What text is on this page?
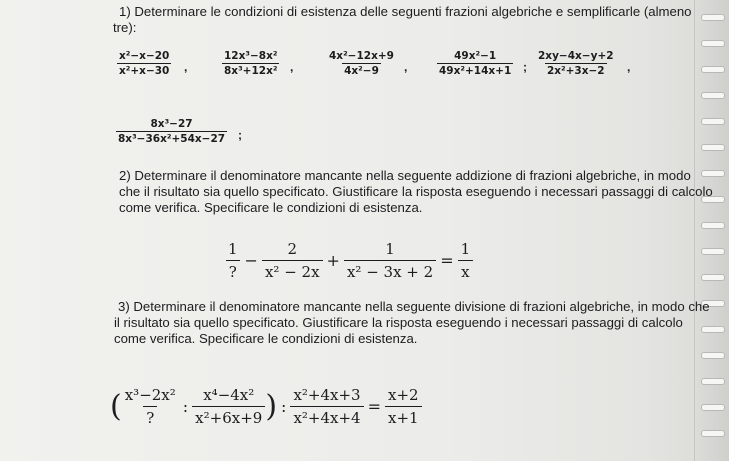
1) Determinare le condizioni di esistenza delle seguenti frazioni algebriche e semplificarle (almeno

tre):

$\frac{\text{x²−x−20}}{\text{x²+x−30}}$ ,	$\frac{\text{12x³−8x²}}{\text{8x³+12x²}}$ ,	$\frac{\text{4x²−12x+9}}{\text{4x²−9}}$ ,	$\frac{\text{49x²−1}}{\text{49x²+14x+1}}$ ; $\frac{2xy-4x-y+2}{\text{2x²+3x−2}}$ ,
$\frac{\text{8x³−27}}{\text{8x³−36x²+54x−27}}$ ;

2) Determinare il denominatore mancante nella seguente addizione di frazioni algebriche, in modo

che il risultato sia quello specificato. Giustificare la risposta eseguendo i necessari passaggi di calcolo

come verifica. Specificare le condizioni di esistenza.

$\frac{1}{?} - \frac{2}{\text{x² − 2x}} + \frac{1}{\text{x² − 3x + 2}} = \frac{1}{x}$

3) Determinare il denominatore mancante nella seguente divisione di frazioni algebriche, in modo che

il risultato sia quello specificato. Giustificare la risposta eseguendo i necessari passaggi di calcolo

come verifica. Specificare le condizioni di esistenza.

( $\frac{\text{x³−2x²}}{?}$ : $\frac{\text{x⁴−4x²}}{\text{x²+6x+9}}$ ) : $\frac{\text{x²+4x+3}}{\text{x²+4x+4}} = \frac{x+2}{x+1}$
